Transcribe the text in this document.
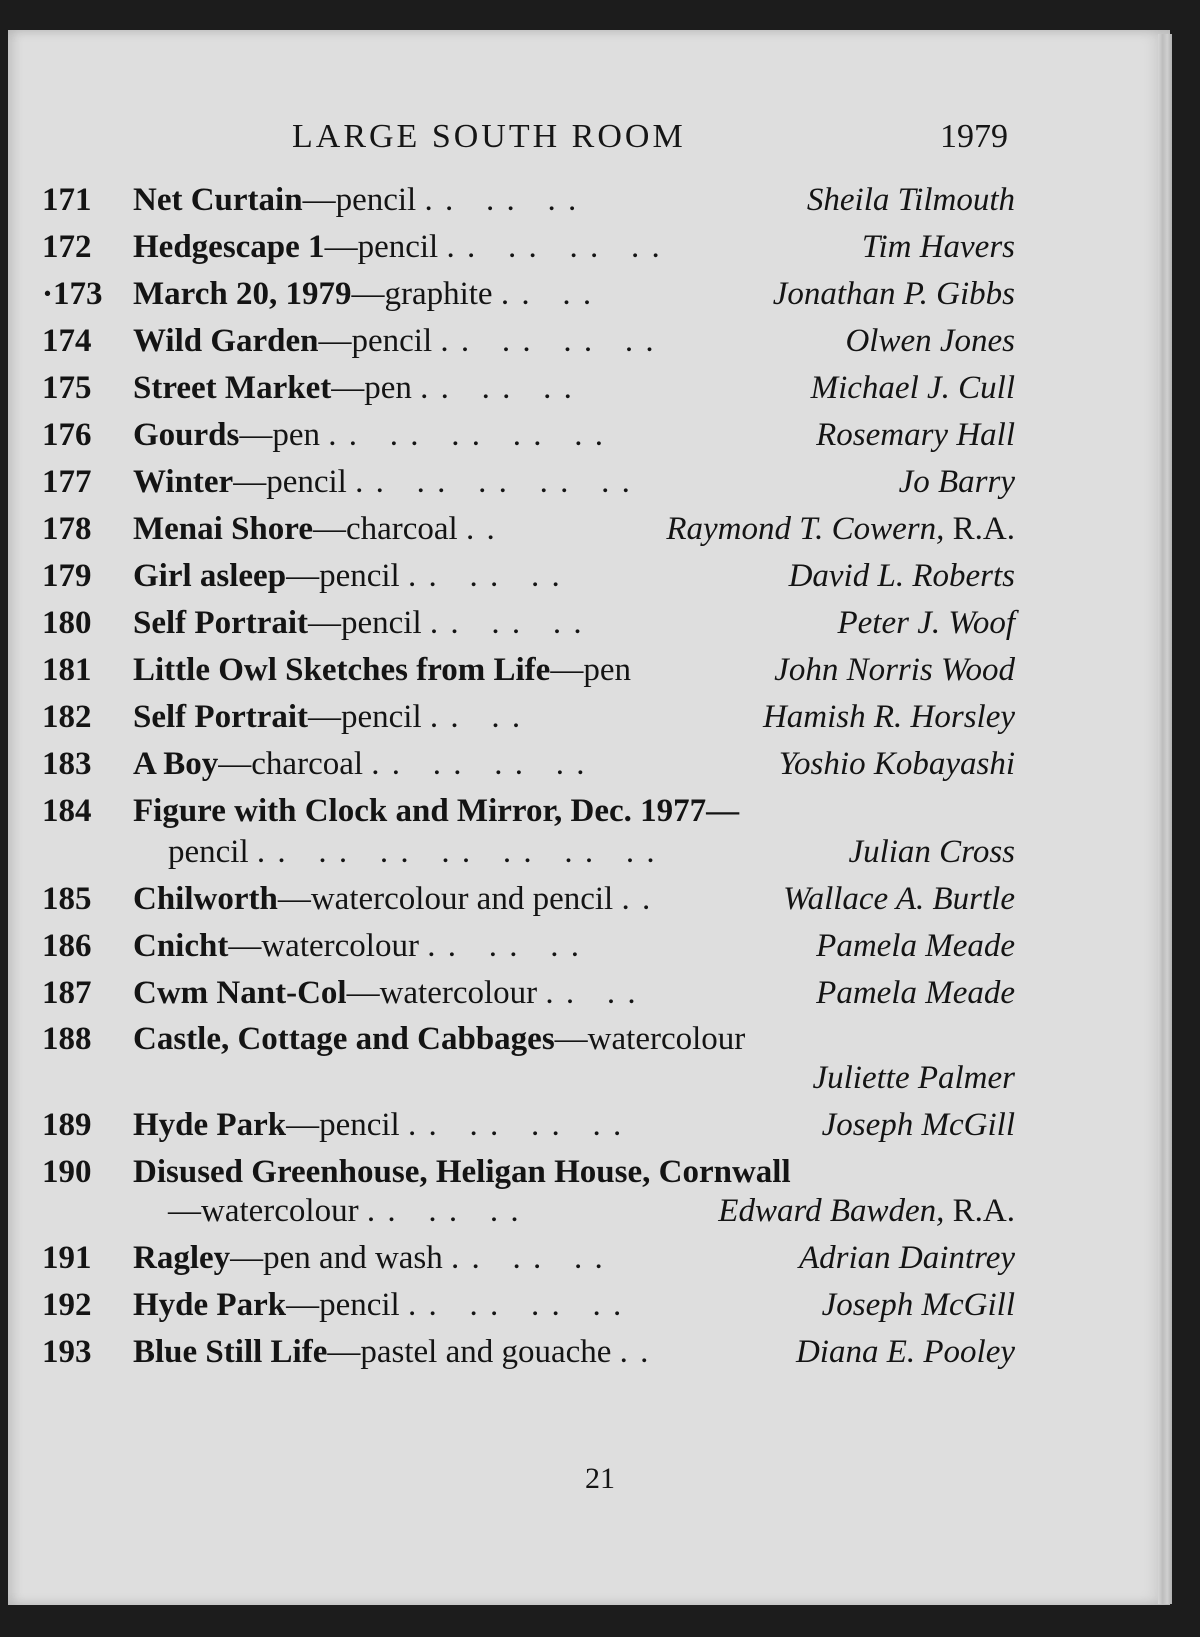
LARGE SOUTH ROOM	1979
171 Net Curtain—pencil . .   . .   . .	Sheila Tilmouth
172 Hedgescape 1—pencil . .   . .   . .   . .	Tim Havers
·173 March 20, 1979—graphite . .   . .	Jonathan P. Gibbs
174 Wild Garden—pencil . .   . .   . .   . .	Olwen Jones
175 Street Market—pen . .   . .   . .	Michael J. Cull
176 Gourds—pen . .   . .   . .   . .   . .	Rosemary Hall
177 Winter—pencil . .   . .   . .   . .   . .	Jo Barry
178 Menai Shore—charcoal . .	Raymond T. Cowern, R.A.
179 Girl asleep—pencil . .   . .   . .	David L. Roberts
180 Self Portrait—pencil . .   . .   . .	Peter J. Woof
181 Little Owl Sketches from Life—pen	John Norris Wood
182 Self Portrait—pencil . .   . .	Hamish R. Horsley
183 A Boy—charcoal . .   . .   . .   . .	Yoshio Kobayashi
184 Figure with Clock and Mirror, Dec. 1977—
pencil . .   . .   . .   . .   . .   . .   . .	Julian Cross
185 Chilworth—watercolour and pencil . .	Wallace A. Burtle
186 Cnicht—watercolour . .   . .   . .	Pamela Meade
187 Cwm Nant-Col—watercolour . .   . .	Pamela Meade
188 Castle, Cottage and Cabbages—watercolour
Juliette Palmer
189 Hyde Park—pencil . .   . .   . .   . .	Joseph McGill
190 Disused Greenhouse, Heligan House, Cornwall
—watercolour . .   . .   . .	Edward Bawden, R.A.
191 Ragley—pen and wash . .   . .   . .	Adrian Daintrey
192 Hyde Park—pencil . .   . .   . .   . .	Joseph McGill
193 Blue Still Life—pastel and gouache . .	Diana E. Pooley
21
